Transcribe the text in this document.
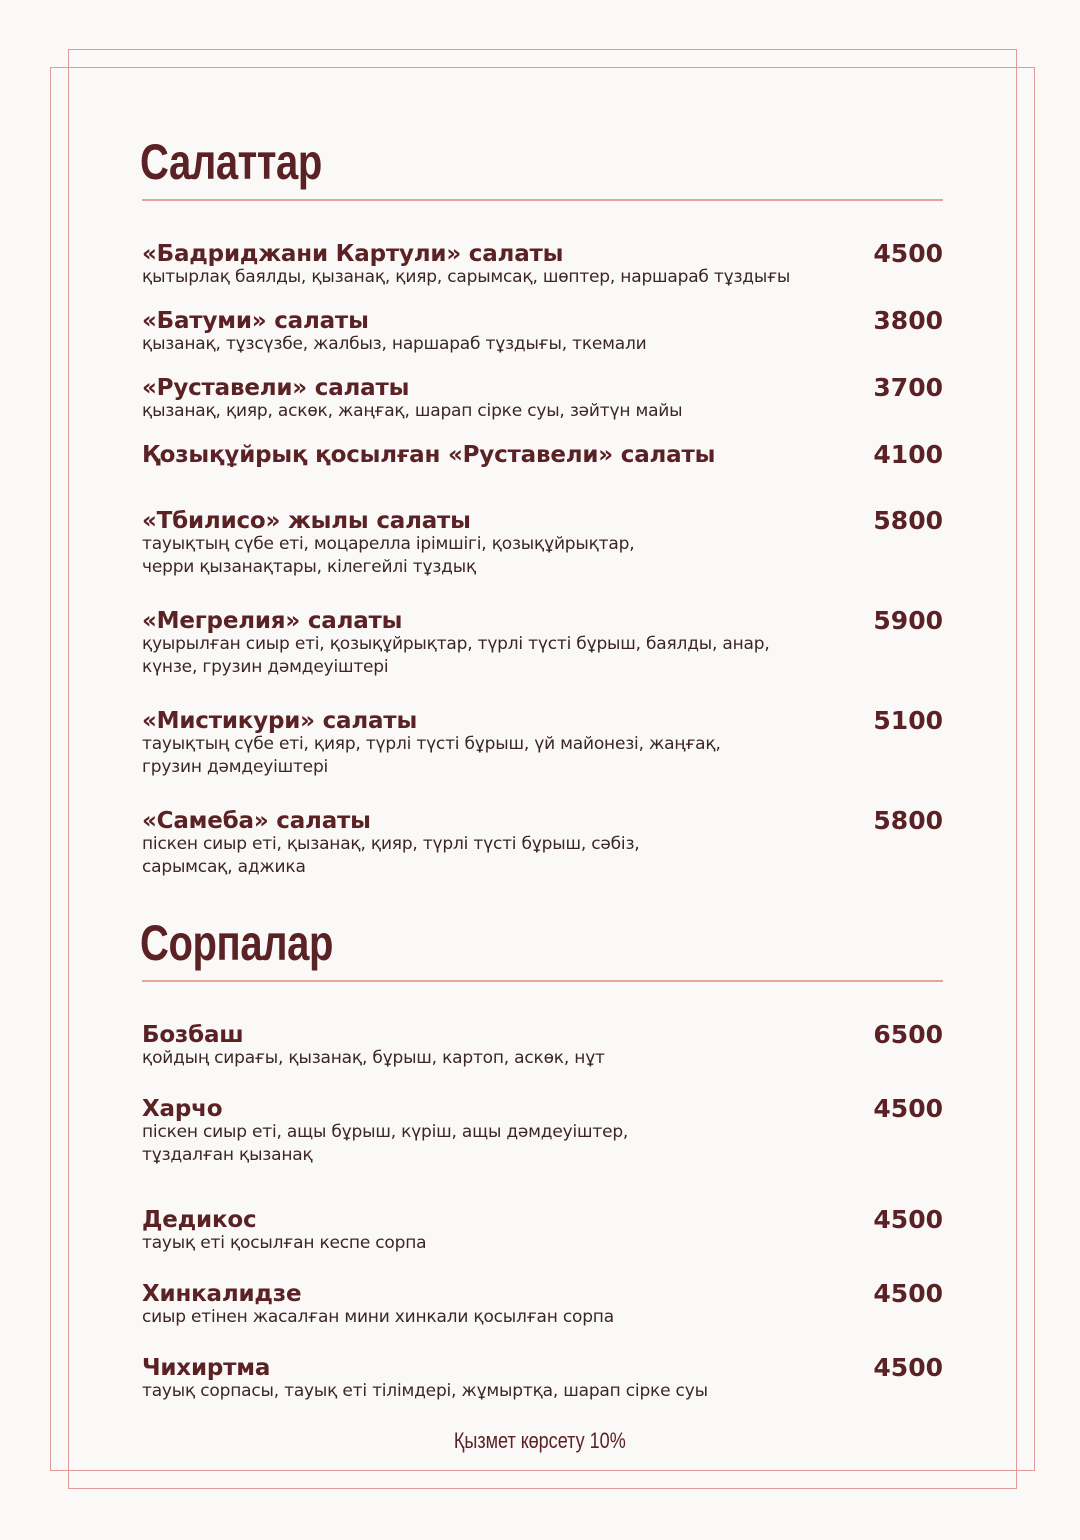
Салаттар
«Бадриджани Картули» салаты
қытырлақ баялды, қызанақ, қияр, сарымсақ, шөптер, наршараб тұздығы
4500
«Батуми» салаты
қызанақ, тұзсүзбе, жалбыз, наршараб тұздығы, ткемали
3800
«Руставели» салаты
қызанақ, қияр, аскөк, жаңғақ, шарап сірке суы, зәйтүн майы
3700
Қозықұйрық қосылған «Руставели» салаты	4100
«Тбилисо» жылы салаты
тауықтың сүбе еті, моцарелла ірімшігі, қозықұйрықтар,
черри қызанақтары, кілегейлі тұздық
5800
«Мегрелия» салаты
қуырылған сиыр еті, қозықұйрықтар, түрлі түсті бұрыш, баялды, анар,
күнзе, грузин дәмдеуіштері
5900
«Мистикури» салаты
тауықтың сүбе еті, қияр, түрлі түсті бұрыш, үй майонезі, жаңғақ,
грузин дәмдеуіштері
5100
«Самеба» салаты
піскен сиыр еті, қызанақ, қияр, түрлі түсті бұрыш, сәбіз,
сарымсақ, аджика
5800
Сорпалар
Бозбаш
қойдың сирағы, қызанақ, бұрыш, картоп, аскөк, нұт
6500
Харчо
піскен сиыр еті, ащы бұрыш, күріш, ащы дәмдеуіштер,
тұздалған қызанақ
4500
Дедикос
тауық еті қосылған кеспе сорпа
4500
Хинкалидзе
сиыр етінен жасалған мини хинкали қосылған сорпа
4500
Чихиртма
тауық сорпасы, тауық еті тілімдері, жұмыртқа, шарап сірке суы
4500
Қызмет көрсету 10%
